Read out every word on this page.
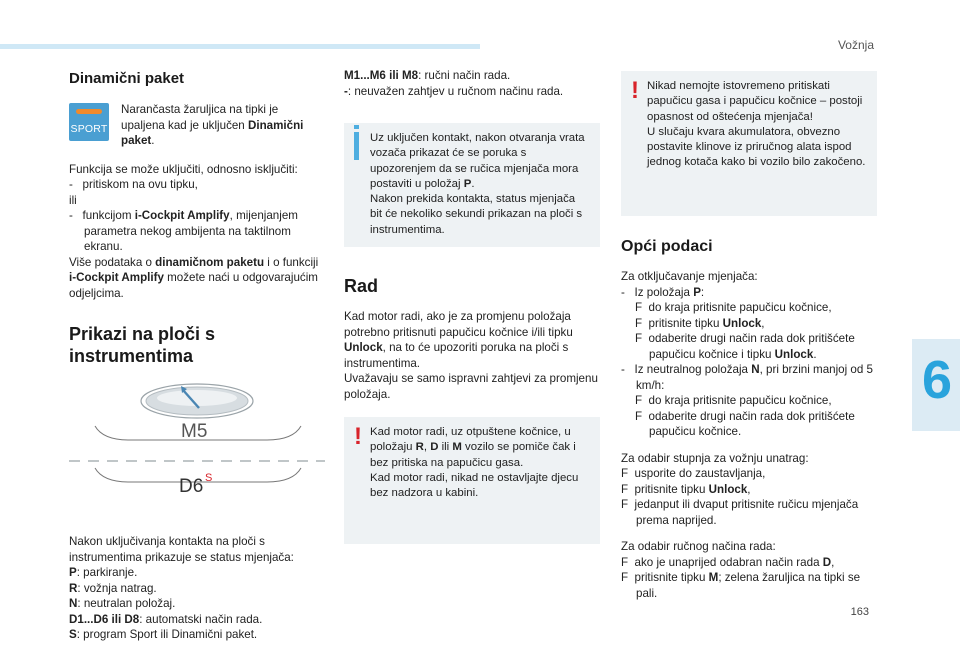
Vožnja
6
163
Dinamični paket
SPORT

Narančasta žaruljica na tipki je upaljena kad je uključen Dinamični paket.

Funkcija se može uključiti, odnosno isključiti:

-   pritiskom na ovu tipku,

ili

-   funkcijom i-Cockpit Amplify, mijenjanjem parametra nekog ambijenta na taktilnom ekranu.

Više podataka o dinamičnom paketu i o funkciji i-Cockpit Amplify možete naći u odgovarajućim odjeljcima.

Prikazi na ploči s instrumentima
M5
D6 S

Nakon uključivanja kontakta na ploči s instrumentima prikazuje se status mjenjača:

P: parkiranje.

R: vožnja natrag.

N: neutralan položaj.

D1...D6 ili D8: automatski način rada.

S: program Sport ili Dinamični paket.

M1...M6 ili M8: ručni način rada.

-: neuvažen zahtjev u ručnom načinu rada.

Uz uključen kontakt, nakon otvaranja vrata vozača prikazat će se poruka s upozorenjem da se ručica mjenjača mora postaviti u položaj P.

Nakon prekida kontakta, status mjenjača bit će nekoliko sekundi prikazan na ploči s instrumentima.

Rad

Kad motor radi, ako je za promjenu položaja potrebno pritisnuti papučicu kočnice i/ili tipku Unlock, na to će upozoriti poruka na ploči s instrumentima.

Uvažavaju se samo ispravni zahtjevi za promjenu položaja.

! Kad motor radi, uz otpuštene kočnice, u položaju R, D ili M vozilo se pomiče čak i bez pritiska na papučicu gasa.

Kad motor radi, nikad ne ostavljajte djecu bez nadzora u kabini.

! Nikad nemojte istovremeno pritiskati papučicu gasa i papučicu kočnice – postoji opasnost od oštećenja mjenjača!

U slučaju kvara akumulatora, obvezno postavite klinove iz priručnog alata ispod jednog kotača kako bi vozilo bilo zakočeno.

Opći podaci

Za otključavanje mjenjača:

-   Iz položaja P:

F  do kraja pritisnite papučicu kočnice,

F  pritisnite tipku Unlock,

F  odaberite drugi način rada dok pritišćete papučicu kočnice i tipku Unlock.

-   Iz neutralnog položaja N, pri brzini manjoj od 5 km/h:

F  do kraja pritisnite papučicu kočnice,

F  odaberite drugi način rada dok pritišćete papučicu kočnice.

Za odabir stupnja za vožnju unatrag:

F  usporite do zaustavljanja,

F  pritisnite tipku Unlock,

F  jedanput ili dvaput pritisnite ručicu mjenjača prema naprijed.

Za odabir ručnog načina rada:

F  ako je unaprijed odabran način rada D,

F  pritisnite tipku M; zelena žaruljica na tipki se pali.
